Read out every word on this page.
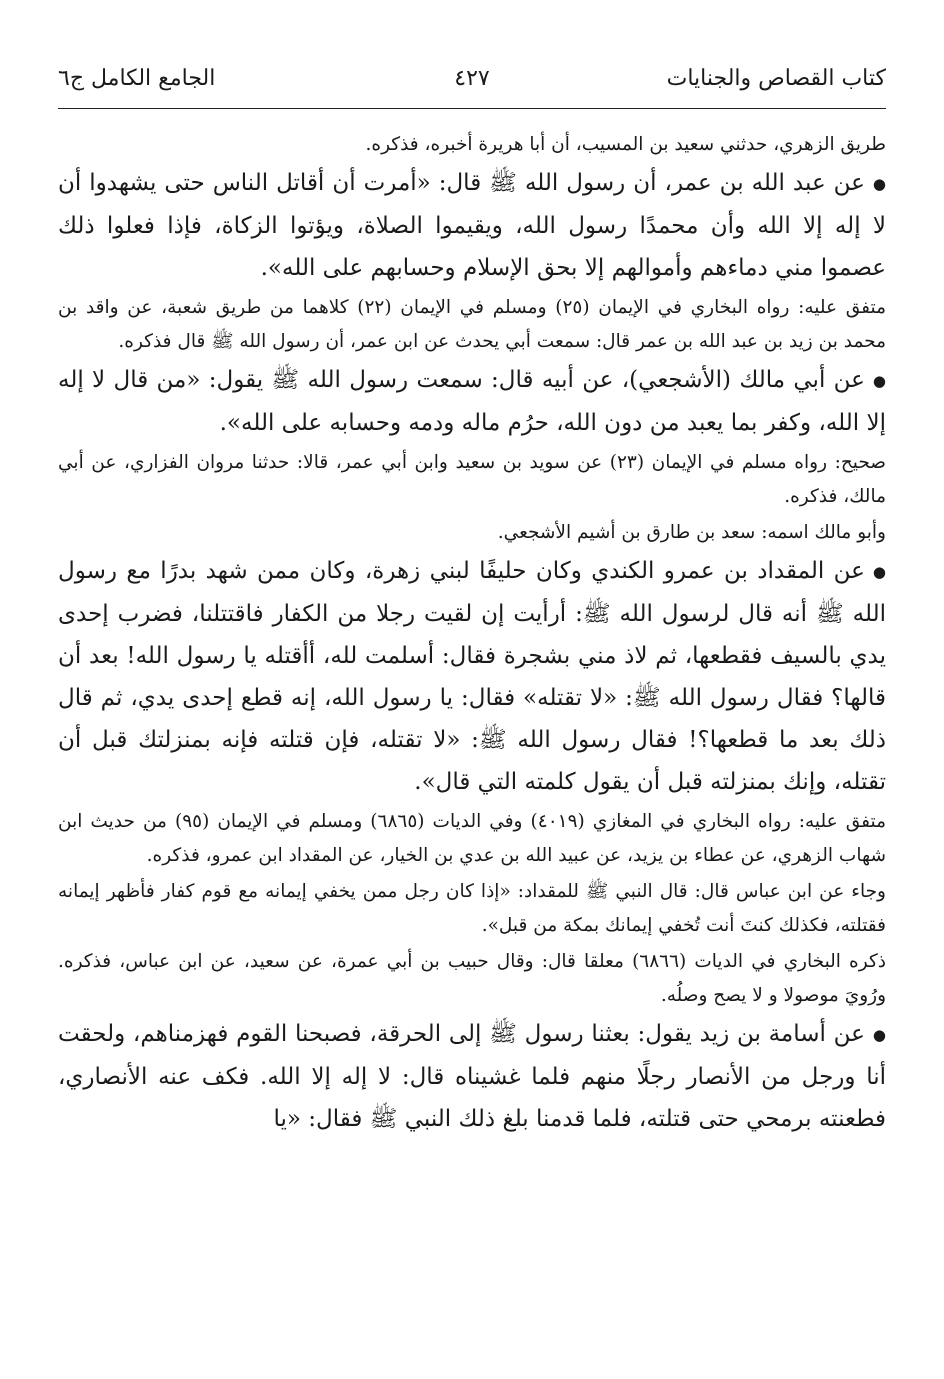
كتاب القصاص والجنايات
٤٢٧
الجامع الكامل ج٦

طريق الزهري، حدثني سعيد بن المسيب، أن أبا هريرة أخبره، فذكره.

●عن عبد الله بن عمر، أن رسول الله ﷺ قال: «أمرت أن أقاتل الناس حتى يشهدوا أن لا إله إلا الله وأن محمدًا رسول الله، ويقيموا الصلاة، ويؤتوا الزكاة، فإذا فعلوا ذلك عصموا مني دماءهم وأموالهم إلا بحق الإسلام وحسابهم على الله».

متفق عليه: رواه البخاري في الإيمان (٢٥) ومسلم في الإيمان (٢٢) كلاهما من طريق شعبة، عن واقد بن محمد بن زيد بن عبد الله بن عمر قال: سمعت أبي يحدث عن ابن عمر، أن رسول الله ﷺ قال فذكره.

●عن أبي مالك (الأشجعي)، عن أبيه قال: سمعت رسول الله ﷺ يقول: «من قال لا إله إلا الله، وكفر بما يعبد من دون الله، حرُم ماله ودمه وحسابه على الله».

صحيح: رواه مسلم في الإيمان (٢٣) عن سويد بن سعيد وابن أبي عمر، قالا: حدثنا مروان الفزاري، عن أبي مالك، فذكره.

وأبو مالك اسمه: سعد بن طارق بن أشيم الأشجعي.

●عن المقداد بن عمرو الكندي وكان حليفًا لبني زهرة، وكان ممن شهد بدرًا مع رسول الله ﷺ أنه قال لرسول الله ﷺ: أرأيت إن لقيت رجلا من الكفار فاقتتلنا، فضرب إحدى يدي بالسيف فقطعها، ثم لاذ مني بشجرة فقال: أسلمت لله، أأقتله يا رسول الله! بعد أن قالها؟ فقال رسول الله ﷺ: «لا تقتله» فقال: يا رسول الله، إنه قطع إحدى يدي، ثم قال ذلك بعد ما قطعها؟! فقال رسول الله ﷺ: «لا تقتله، فإن قتلته فإنه بمنزلتك قبل أن تقتله، وإنك بمنزلته قبل أن يقول كلمته التي قال».

متفق عليه: رواه البخاري في المغازي (٤٠١٩) وفي الديات (٦٨٦٥) ومسلم في الإيمان (٩٥) من حديث ابن شهاب الزهري، عن عطاء بن يزيد، عن عبيد الله بن عدي بن الخيار، عن المقداد ابن عمرو، فذكره.

وجاء عن ابن عباس قال: قال النبي ﷺ للمقداد: «إذا كان رجل ممن يخفي إيمانه مع قوم كفار فأظهر إيمانه فقتلته، فكذلك كنتَ أنت تُخفي إيمانك بمكة من قبل».

ذكره البخاري في الديات (٦٨٦٦) معلقا قال: وقال حبيب بن أبي عمرة، عن سعيد، عن ابن عباس، فذكره. ورُويَ موصولا و لا يصح وصلُه.

●عن أسامة بن زيد يقول: بعثنا رسول ﷺ إلى الحرقة، فصبحنا القوم فهزمناهم، ولحقت أنا ورجل من الأنصار رجلًا منهم فلما غشيناه قال: لا إله إلا الله. فكف عنه الأنصاري، فطعنته برمحي حتى قتلته، فلما قدمنا بلغ ذلك النبي ﷺ فقال: «يا
